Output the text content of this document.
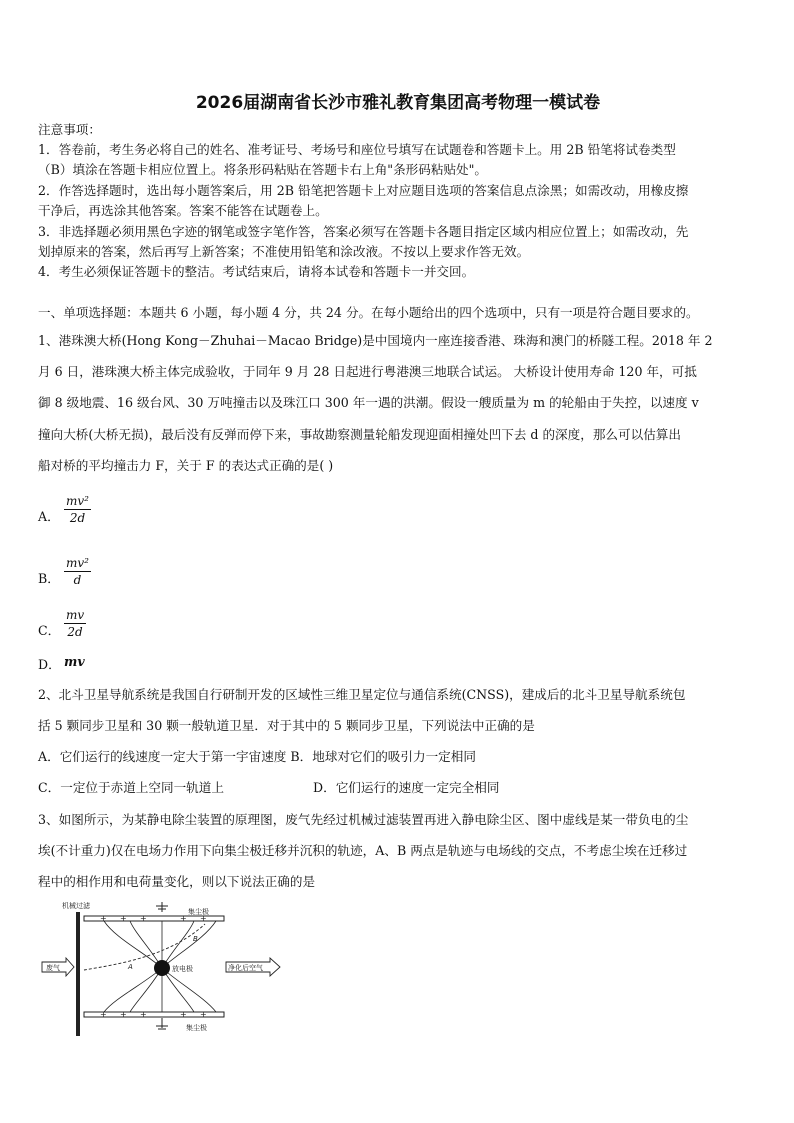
2026届湖南省长沙市雅礼教育集团高考物理一模试卷
注意事项：
1．答卷前，考生务必将自己的姓名、准考证号、考场号和座位号填写在试题卷和答题卡上。用 2B 铅笔将试卷类型
（B）填涂在答题卡相应位置上。将条形码粘贴在答题卡右上角"条形码粘贴处"。
2．作答选择题时，选出每小题答案后，用 2B 铅笔把答题卡上对应题目选项的答案信息点涂黑；如需改动，用橡皮擦
干净后，再选涂其他答案。答案不能答在试题卷上。
3．非选择题必须用黑色字迹的钢笔或签字笔作答，答案必须写在答题卡各题目指定区域内相应位置上；如需改动，先
划掉原来的答案，然后再写上新答案；不准使用铅笔和涂改液。不按以上要求作答无效。
4．考生必须保证答题卡的整洁。考试结束后，请将本试卷和答题卡一并交回。
一、单项选择题：本题共 6 小题，每小题 4 分，共 24 分。在每小题给出的四个选项中，只有一项是符合题目要求的。
1、港珠澳大桥(Hong Kong－Zhuhai－Macao Bridge)是中国境内一座连接香港、珠海和澳门的桥隧工程。2018 年 2
月 6 日，港珠澳大桥主体完成验收，于同年 9 月 28 日起进行粤港澳三地联合试运。 大桥设计使用寿命 120 年，可抵
御 8 级地震、16 级台风、30 万吨撞击以及珠江口 300 年一遇的洪潮。假设一艘质量为 m 的轮船由于失控，以速度 v
撞向大桥(大桥无损)，最后没有反弹而停下来，事故勘察测量轮船发现迎面相撞处凹下去 d 的深度，那么可以估算出
船对桥的平均撞击力 F，关于 F 的表达式正确的是( )
A．
mv²
2d
B．
mv²
d
C．
mv
2d
D． mv
2、北斗卫星导航系统是我国自行研制开发的区域性三维卫星定位与通信系统(CNSS)，建成后的北斗卫星导航系统包
括 5 颗同步卫星和 30 颗一般轨道卫星．对于其中的 5 颗同步卫星，下列说法中正确的是
A．它们运行的线速度一定大于第一宇宙速度 B．地球对它们的吸引力一定相同
C．一定位于赤道上空同一轨道上	D．它们运行的速度一定完全相同
3、如图所示，为某静电除尘装置的原理图，废气先经过机械过滤装置再进入静电除尘区、图中虚线是某一带负电的尘
埃(不计重力)仅在电场力作用下向集尘极迁移并沉积的轨迹，A、B 两点是轨迹与电场线的交点，不考虑尘埃在迁移过
程中的相作用和电荷量变化，则以下说法正确的是
机械过滤
集尘极
集尘极
+ + +	+ +
+ + +	+ +
放电极
A
B
废气	净化后空气
